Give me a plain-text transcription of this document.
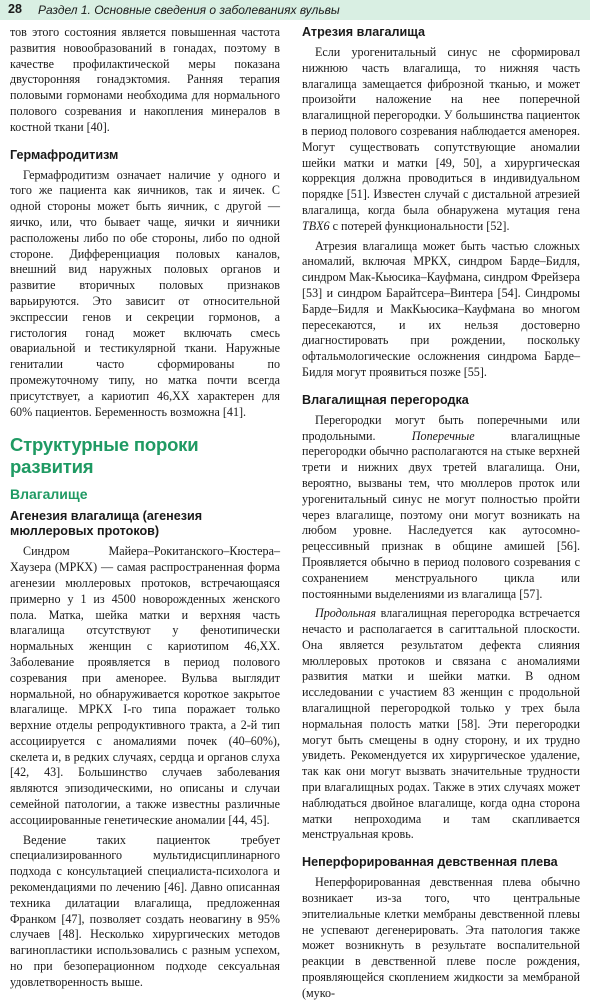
28 Раздел 1. Основные сведения о заболеваниях вульвы

тов этого состояния является повышенная частота развития новообразований в гонадах, поэтому в качестве профилактической меры показана двусторонняя гонадэктомия. Ранняя терапия половыми гормонами необходима для нормального полового созревания и накопления минералов в костной ткани [40].

Гермафродитизм

Гермафродитизм означает наличие у одного и того же пациента как яичников, так и яичек. С одной стороны может быть яичник, с другой — яичко, или, что бывает чаще, яички и яичники расположены либо по обе стороны, либо по одной стороне. Дифференциация половых каналов, внешний вид наружных половых органов и развитие вторичных половых признаков варьируются. Это зависит от относительной экспрессии генов и секреции гормонов, а гистология гонад может включать смесь овариальной и тестикулярной ткани. Наружные гениталии часто сформированы по промежуточному типу, но матка почти всегда присутствует, а кариотип 46,XX характерен для 60% пациентов. Беременность возможна [41].

Структурные пороки развития
Влагалище
Агенезия влагалища (агенезия мюллеровых протоков)

Синдром Майера–Рокитанского–Кюстера–Хаузера (МРКХ) — самая распространенная форма агенезии мюллеровых протоков, встречающаяся примерно у 1 из 4500 новорожденных женского пола. Матка, шейка матки и верхняя часть влагалища отсутствуют у фенотипически нормальных женщин с кариотипом 46,XX. Заболевание проявляется в период полового созревания при аменорее. Вульва выглядит нормальной, но обнаруживается короткое закрытое влагалище. МРКХ I-го типа поражает только верхние отделы репродуктивного тракта, а 2-й тип ассоциируется с аномалиями почек (40–60%), скелета и, в редких случаях, сердца и органов слуха [42, 43]. Большинство случаев заболевания являются эпизодическими, но описаны и случаи семейной патологии, а также известны различные ассоциированные генетические аномалии [44, 45].

Ведение таких пациенток требует специализированного мультидисциплинарного подхода с консультацией специалиста-психолога и рекомендациями по лечению [46]. Давно описанная техника дилатации влагалища, предложенная Франком [47], позволяет создать неовагину в 95% случаев [48]. Несколько хирургических методов вагинопластики использовались с разным успехом, но при безоперационном подходе сексуальная удовлетворенность выше.

Атрезия влагалища

Если урогенитальный синус не сформировал нижнюю часть влагалища, то нижняя часть влагалища замещается фиброзной тканью, и может произойти наложение на нее поперечной влагалищной перегородки. У большинства пациенток в период полового созревания наблюдается аменорея. Могут существовать сопутствующие аномалии шейки матки и матки [49, 50], а хирургическая коррекция должна проводиться в индивидуальном порядке [51]. Известен случай с дистальной атрезией влагалища, когда была обнаружена мутация гена TBX6 с потерей функциональности [52].

Атрезия влагалища может быть частью сложных аномалий, включая МРКХ, синдром Барде–Бидля, синдром Мак-Кьюсика–Кауфмана, синдром Фрейзера [53] и синдром Барайтсера–Винтера [54]. Синдромы Барде–Бидля и МакКьюсика–Кауфмана во многом пересекаются, и их нельзя достоверно диагностировать при рождении, поскольку офтальмологические осложнения синдрома Барде–Бидля могут проявиться позже [55].

Влагалищная перегородка

Перегородки могут быть поперечными или продольными.	Поперечные	влагалищные перегородки обычно располагаются на стыке верхней трети и нижних двух третей влагалища. Они, вероятно, вызваны тем, что мюллеров проток или урогенитальный синус не могут полностью пройти через влагалище, поэтому они могут возникать на любом уровне. Наследуется как аутосомно-рецессивный признак в общине амишей [56]. Проявляется обычно в период полового созревания с сохранением менструального цикла или постоянными выделениями из влагалища [57].

Продольная влагалищная перегородка встречается нечасто и располагается в сагиттальной плоскости. Она является результатом дефекта слияния мюллеровых протоков и связана с аномалиями развития матки и шейки матки. В одном исследовании с участием 83 женщин с продольной влагалищной перегородкой только у трех была нормальная полость матки [58]. Эти перегородки могут быть смещены в одну сторону, и их трудно увидеть. Рекомендуется их хирургическое удаление, так как они могут вызвать значительные трудности при влагалищных родах. Также в этих случаях может наблюдаться двойное влагалище, когда одна сторона матки непроходима и там скапливается менструальная кровь.

Неперфорированная девственная плева

Неперфорированная девственная плева обычно возникает из-за того, что центральные эпителиальные клетки мембраны девственной плевы не успевают дегенерировать. Эта патология также может возникнуть в результате воспалительной реакции в девственной плеве после рождения, проявляющейся скоплением жидкости за мембраной (муко-
